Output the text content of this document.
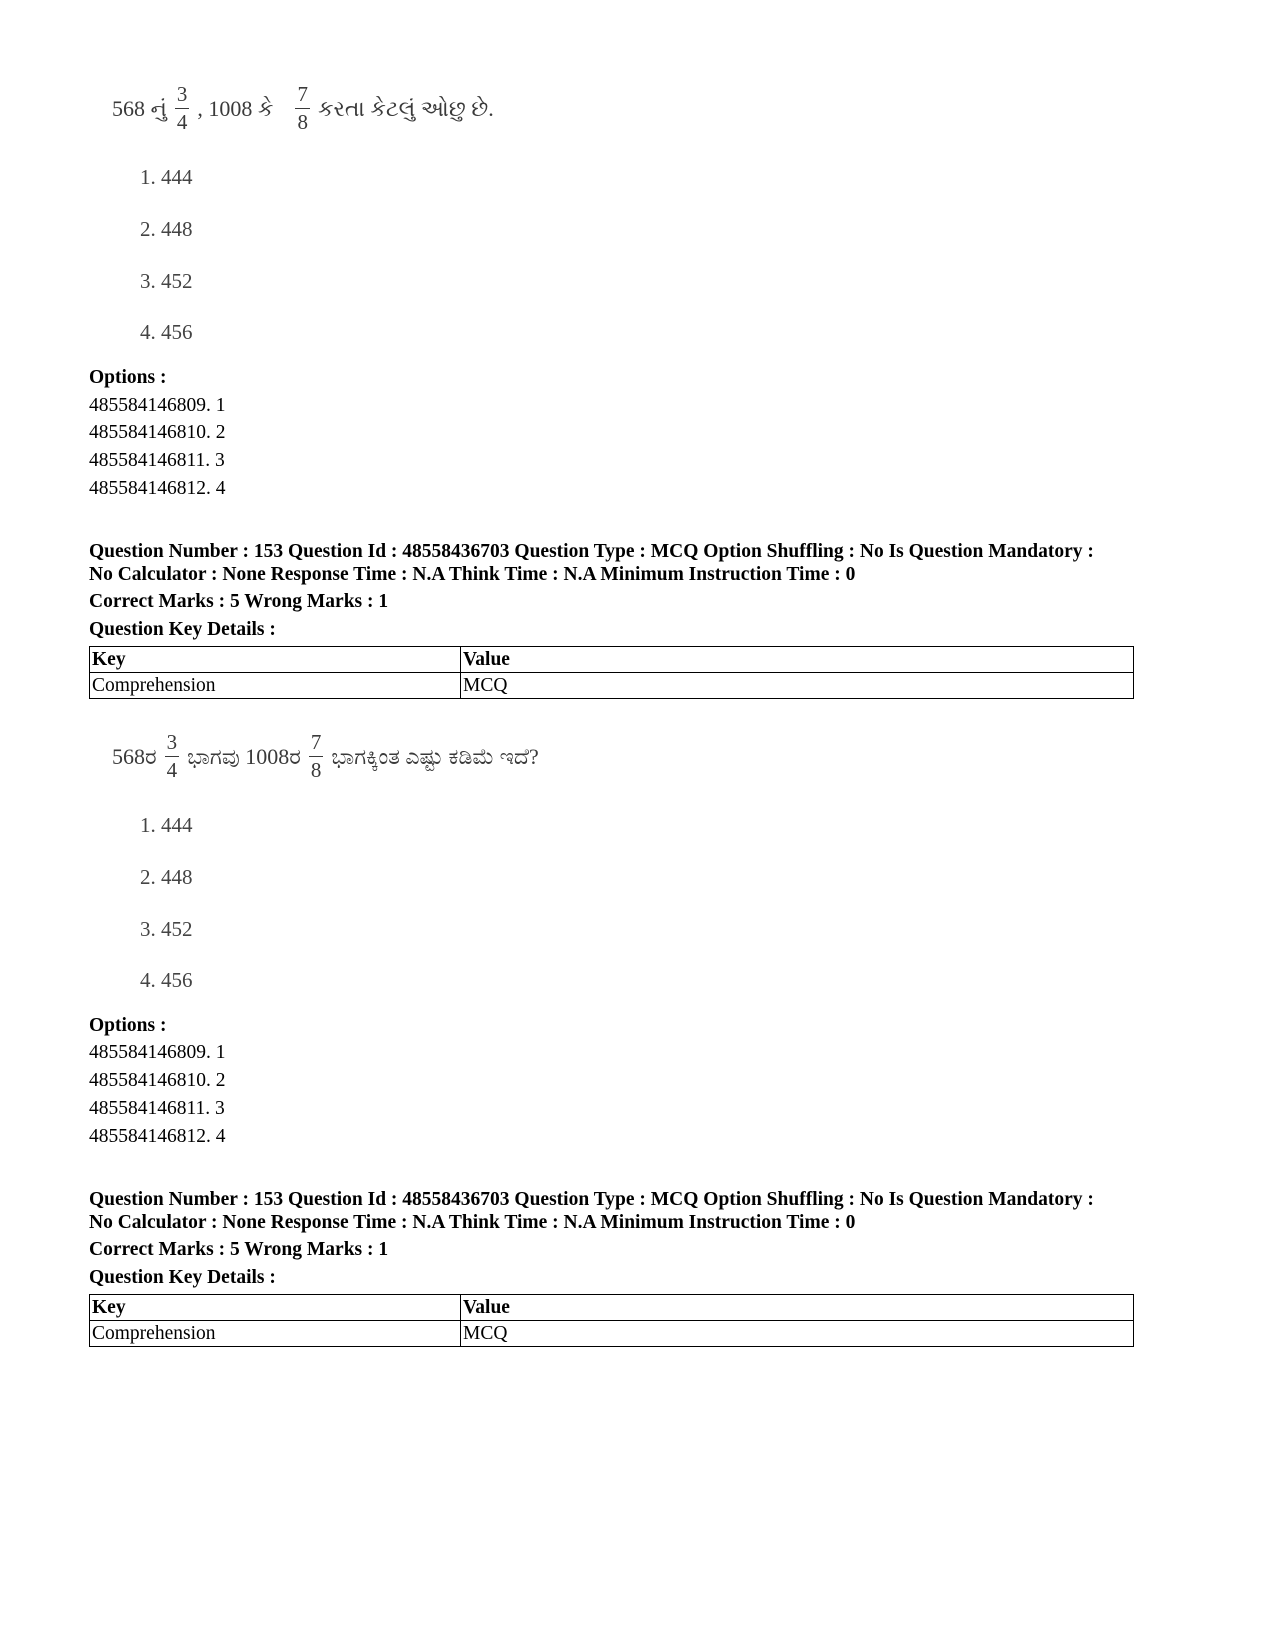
568 નું $\frac{3}{4}$ , 1008 કે $\frac{7}{8}$ કરતા કેટલું ઓછુ છે.
1. 444
2. 448
3. 452
4. 456
Options :
485584146809. 1
485584146810. 2
485584146811. 3
485584146812. 4
Question Number : 153 Question Id : 48558436703 Question Type : MCQ Option Shuffling : No Is Question Mandatory :
No Calculator : None Response Time : N.A Think Time : N.A Minimum Instruction Time : 0
Correct Marks : 5 Wrong Marks : 1
Question Key Details :
Key	Value
Comprehension	MCQ
568ರ $\frac{3}{4}$ ಭಾಗವು 1008ರ $\frac{7}{8}$ ಭಾಗಕ್ಕಿಂತ ಎಷ್ಟು ಕಡಿಮೆ ಇದೆ?
1. 444
2. 448
3. 452
4. 456
Options :
485584146809. 1
485584146810. 2
485584146811. 3
485584146812. 4
Question Number : 153 Question Id : 48558436703 Question Type : MCQ Option Shuffling : No Is Question Mandatory :
No Calculator : None Response Time : N.A Think Time : N.A Minimum Instruction Time : 0
Correct Marks : 5 Wrong Marks : 1
Question Key Details :
Key	Value
Comprehension	MCQ
